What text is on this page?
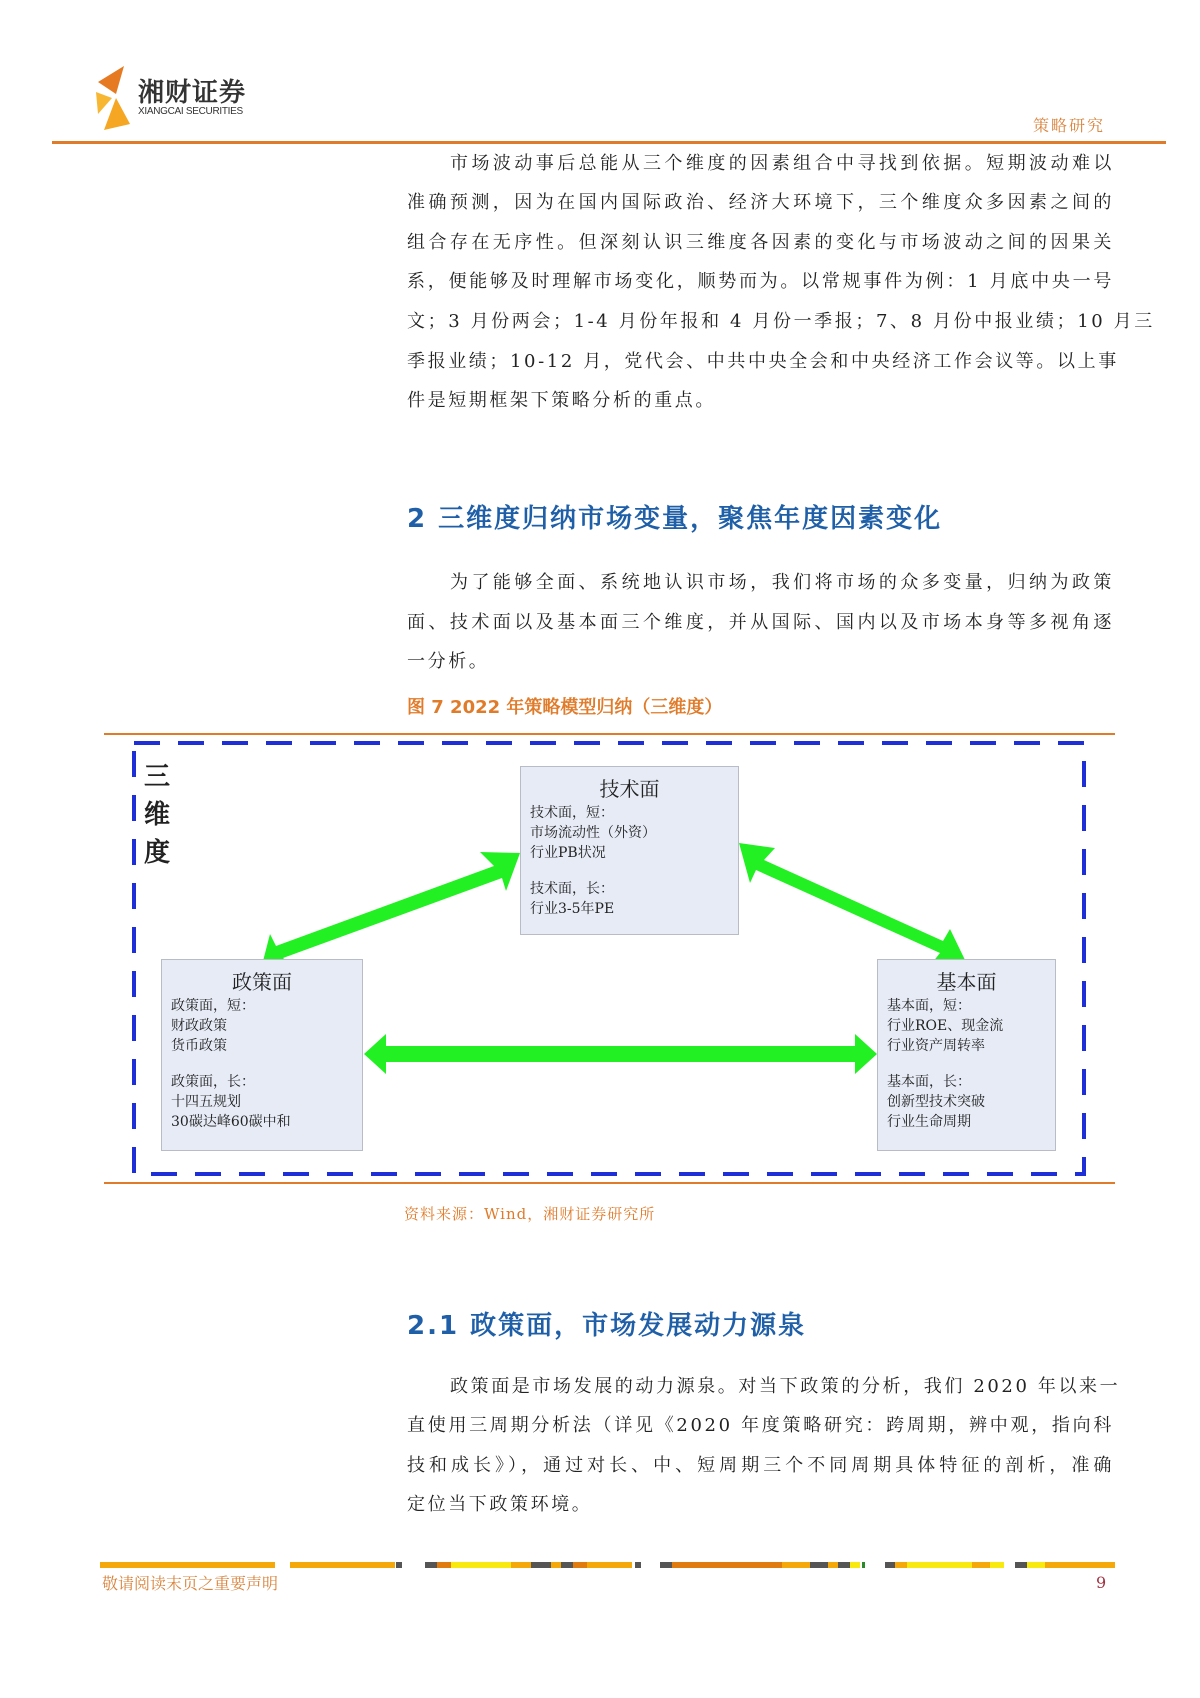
湘财证券
XIANGCAI SECURITIES
策略研究
市场波动事后总能从三个维度的因素组合中寻找到依据。短期波动难以
准确预测，因为在国内国际政治、经济大环境下，三个维度众多因素之间的
组合存在无序性。但深刻认识三维度各因素的变化与市场波动之间的因果关
系，便能够及时理解市场变化，顺势而为。以常规事件为例：1 月底中央一号
文；3 月份两会；1-4 月份年报和 4 月份一季报；7、8 月份中报业绩；10 月三
季报业绩；10-12 月，党代会、中共中央全会和中央经济工作会议等。以上事
件是短期框架下策略分析的重点。
2 三维度归纳市场变量，聚焦年度因素变化
为了能够全面、系统地认识市场，我们将市场的众多变量，归纳为政策
面、技术面以及基本面三个维度，并从国际、国内以及市场本身等多视角逐
一分析。
图 7 2022 年策略模型归纳（三维度）
三
维
度
技术面
技术面，短：
市场流动性（外资）
行业PB状况
技术面，长：
行业3-5年PE
政策面
政策面，短：
财政政策
货币政策
政策面，长：
十四五规划
30碳达峰60碳中和
基本面
基本面，短：
行业ROE、现金流
行业资产周转率
基本面，长：
创新型技术突破
行业生命周期
资料来源：Wind，湘财证券研究所
2.1 政策面，市场发展动力源泉
政策面是市场发展的动力源泉。对当下政策的分析，我们 2020 年以来一
直使用三周期分析法（详见《2020 年度策略研究：跨周期，辨中观，指向科
技和成长》），通过对长、中、短周期三个不同周期具体特征的剖析，准确
定位当下政策环境。
敬请阅读末页之重要声明	9
